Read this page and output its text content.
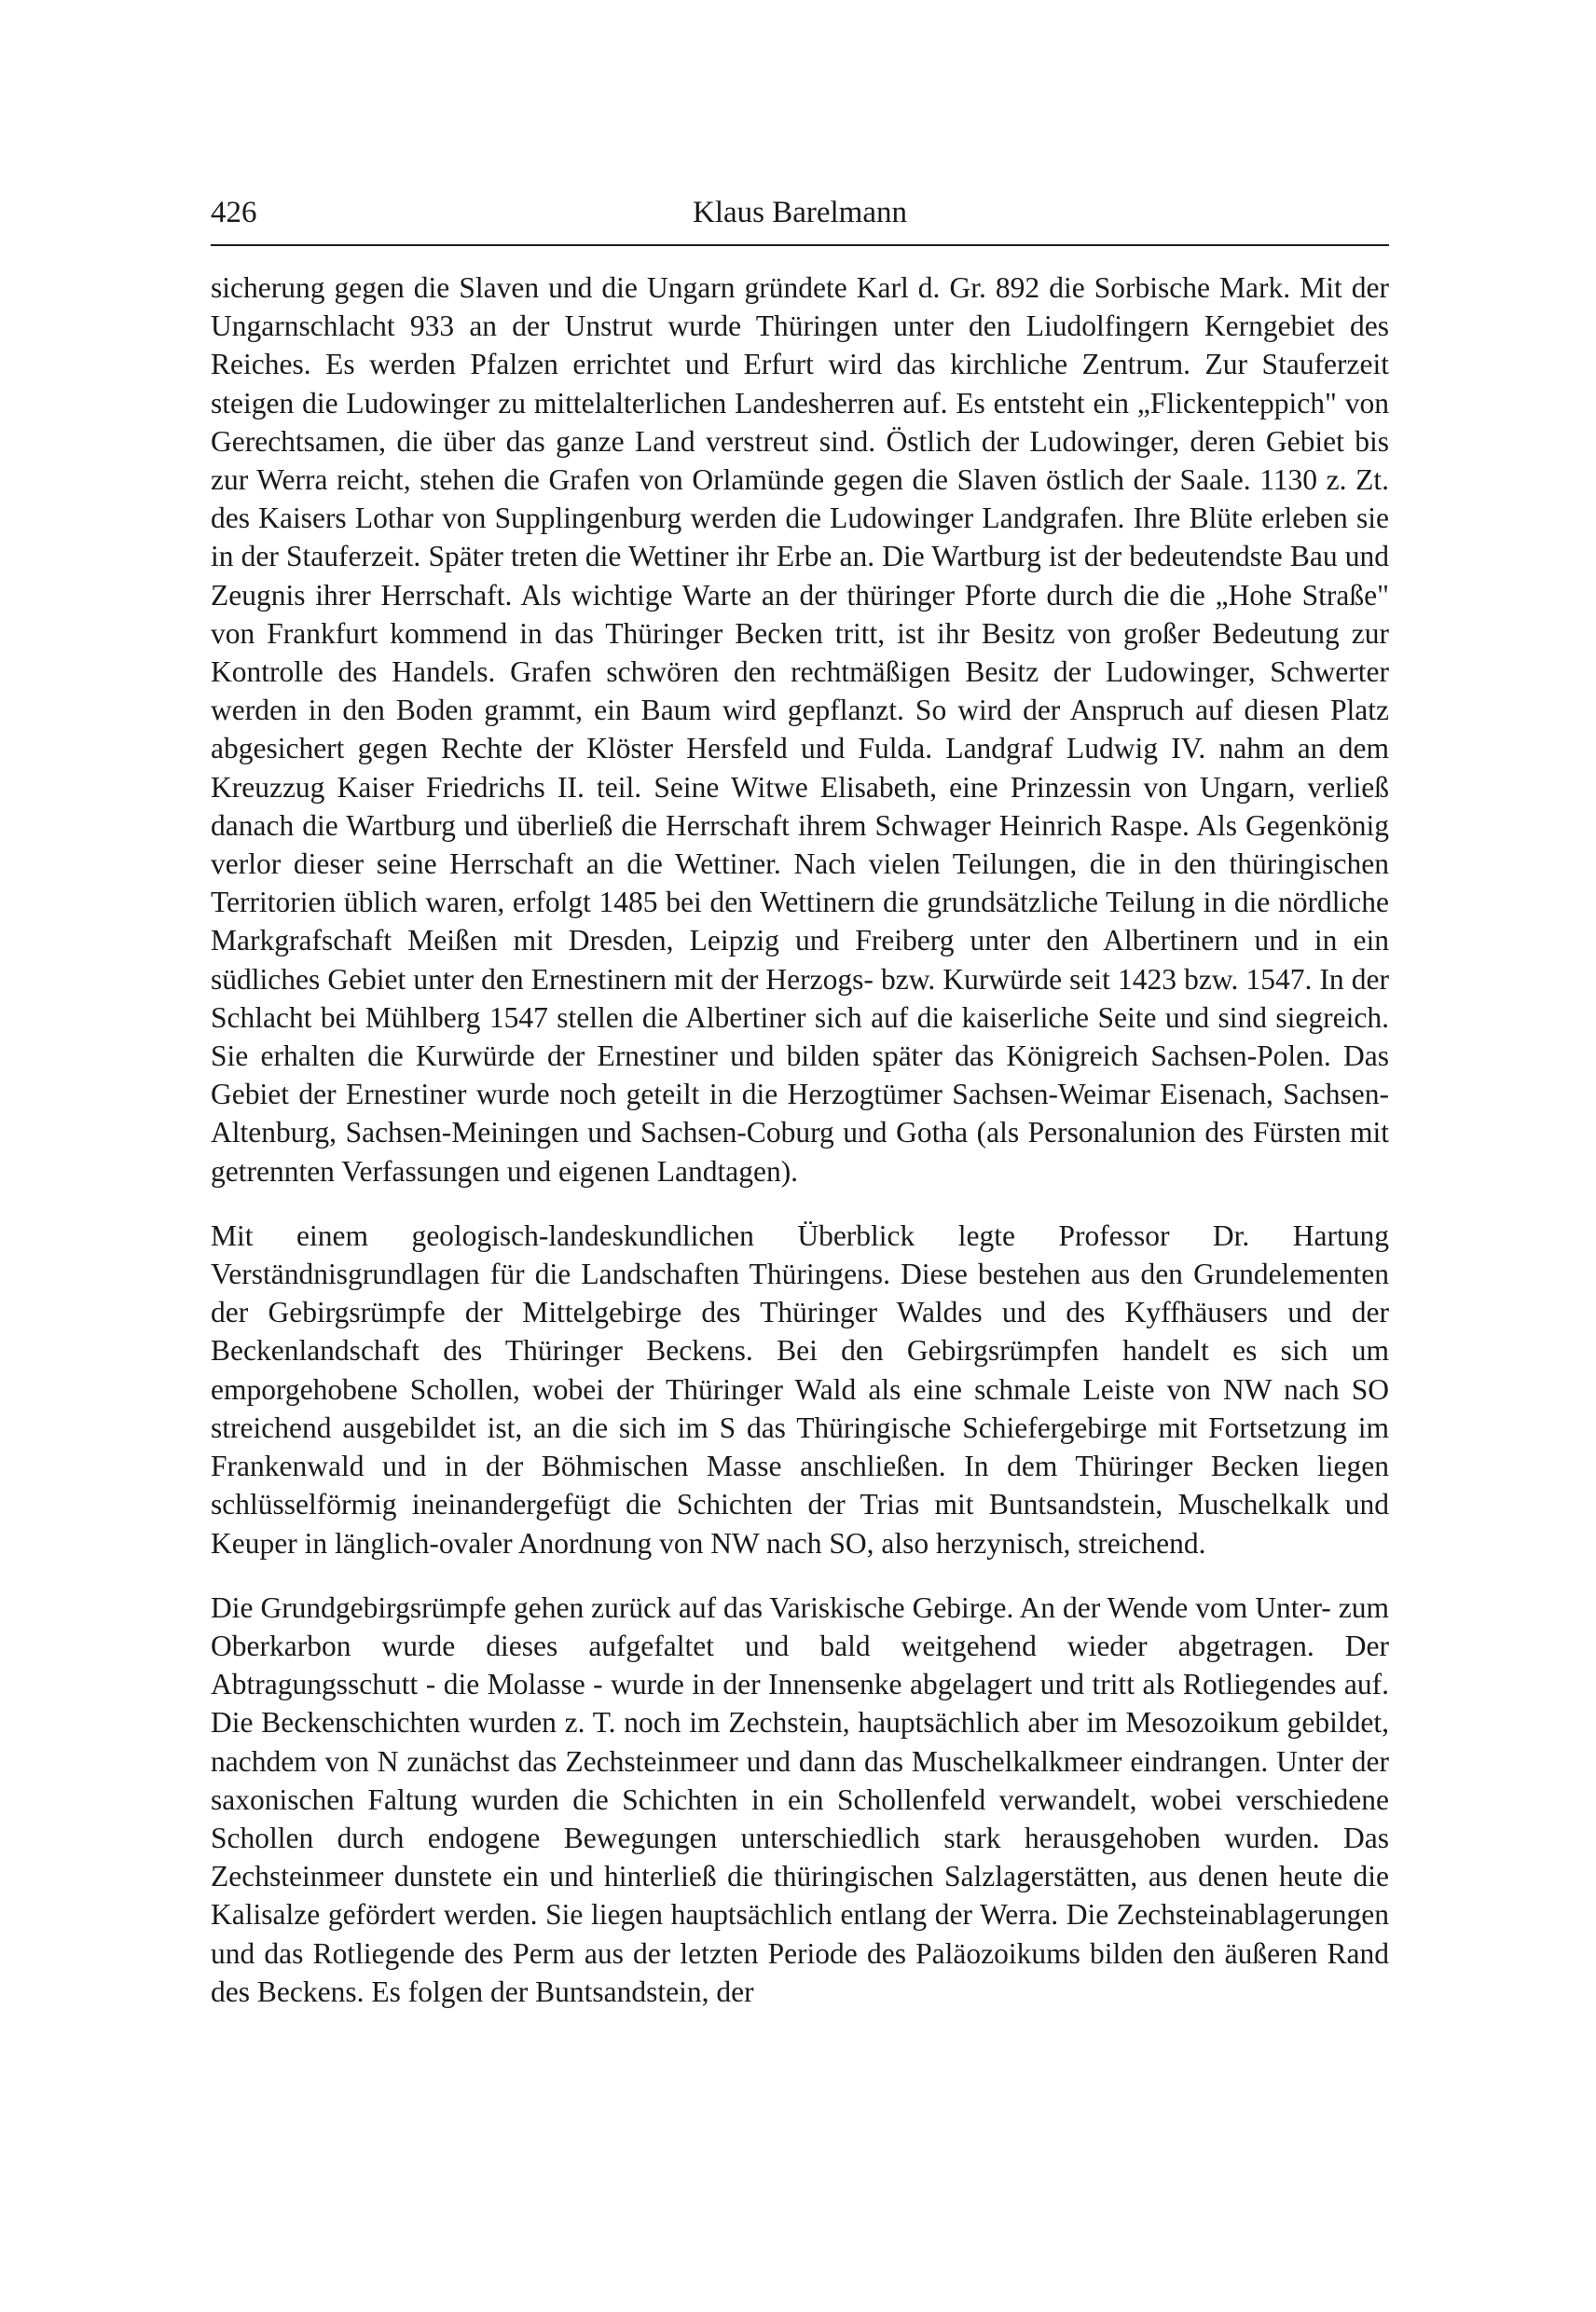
426	Klaus Barelmann

sicherung gegen die Slaven und die Ungarn gründete Karl d. Gr. 892 die Sorbische Mark. Mit der Ungarnschlacht 933 an der Unstrut wurde Thüringen unter den Liudolfingern Kerngebiet des Reiches. Es werden Pfalzen errichtet und Erfurt wird das kirchliche Zentrum. Zur Stauferzeit steigen die Ludowinger zu mittelalterlichen Landesherren auf. Es entsteht ein „Flickenteppich" von Gerechtsamen, die über das ganze Land verstreut sind. Östlich der Ludowinger, deren Gebiet bis zur Werra reicht, stehen die Grafen von Orlamünde gegen die Slaven östlich der Saale. 1130 z. Zt. des Kaisers Lothar von Supplingenburg werden die Ludowinger Landgrafen. Ihre Blüte erleben sie in der Stauferzeit. Später treten die Wettiner ihr Erbe an. Die Wartburg ist der bedeutendste Bau und Zeugnis ihrer Herrschaft. Als wichtige Warte an der thüringer Pforte durch die die „Hohe Straße" von Frankfurt kommend in das Thüringer Becken tritt, ist ihr Besitz von großer Bedeutung zur Kontrolle des Handels. Grafen schwören den rechtmäßigen Besitz der Ludowinger, Schwerter werden in den Boden grammt, ein Baum wird gepflanzt. So wird der Anspruch auf diesen Platz abgesichert gegen Rechte der Klöster Hersfeld und Fulda. Landgraf Ludwig IV. nahm an dem Kreuzzug Kaiser Friedrichs II. teil. Seine Witwe Elisabeth, eine Prinzessin von Ungarn, verließ danach die Wartburg und überließ die Herrschaft ihrem Schwager Heinrich Raspe. Als Gegenkönig verlor dieser seine Herrschaft an die Wettiner. Nach vielen Teilungen, die in den thüringischen Territorien üblich waren, erfolgt 1485 bei den Wettinern die grundsätzliche Teilung in die nördliche Markgrafschaft Meißen mit Dresden, Leipzig und Freiberg unter den Albertinern und in ein südliches Gebiet unter den Ernestinern mit der Herzogs- bzw. Kurwürde seit 1423 bzw. 1547. In der Schlacht bei Mühlberg 1547 stellen die Albertiner sich auf die kaiserliche Seite und sind siegreich. Sie erhalten die Kurwürde der Ernestiner und bilden später das Königreich Sachsen-Polen. Das Gebiet der Ernestiner wurde noch geteilt in die Herzogtümer Sachsen-Weimar Eisenach, Sachsen-Altenburg, Sachsen-Meiningen und Sachsen-Coburg und Gotha (als Personalunion des Fürsten mit getrennten Verfassungen und eigenen Landtagen).

Mit einem geologisch-landeskundlichen Überblick legte Professor Dr. Hartung Verständnisgrundlagen für die Landschaften Thüringens. Diese bestehen aus den Grundelementen der Gebirgsrümpfe der Mittelgebirge des Thüringer Waldes und des Kyffhäusers und der Beckenlandschaft des Thüringer Beckens. Bei den Gebirgsrümpfen handelt es sich um emporgehobene Schollen, wobei der Thüringer Wald als eine schmale Leiste von NW nach SO streichend ausgebildet ist, an die sich im S das Thüringische Schiefergebirge mit Fortsetzung im Frankenwald und in der Böhmischen Masse anschließen. In dem Thüringer Becken liegen schlüsselförmig ineinandergefügt die Schichten der Trias mit Buntsandstein, Muschelkalk und Keuper in länglich-ovaler Anordnung von NW nach SO, also herzynisch, streichend.

Die Grundgebirgsrümpfe gehen zurück auf das Variskische Gebirge. An der Wende vom Unter- zum Oberkarbon wurde dieses aufgefaltet und bald weitgehend wieder abgetragen. Der Abtragungsschutt - die Molasse - wurde in der Innensenke abgelagert und tritt als Rotliegendes auf. Die Beckenschichten wurden z. T. noch im Zechstein, hauptsächlich aber im Mesozoikum gebildet, nachdem von N zunächst das Zechsteinmeer und dann das Muschelkalkmeer eindrangen. Unter der saxonischen Faltung wurden die Schichten in ein Schollenfeld verwandelt, wobei verschiedene Schollen durch endogene Bewegungen unterschiedlich stark herausgehoben wurden. Das Zechsteinmeer dunstete ein und hinterließ die thüringischen Salzlagerstätten, aus denen heute die Kalisalze gefördert werden. Sie liegen hauptsächlich entlang der Werra. Die Zechsteinablagerungen und das Rotliegende des Perm aus der letzten Periode des Paläozoikums bilden den äußeren Rand des Beckens. Es folgen der Buntsandstein, der
